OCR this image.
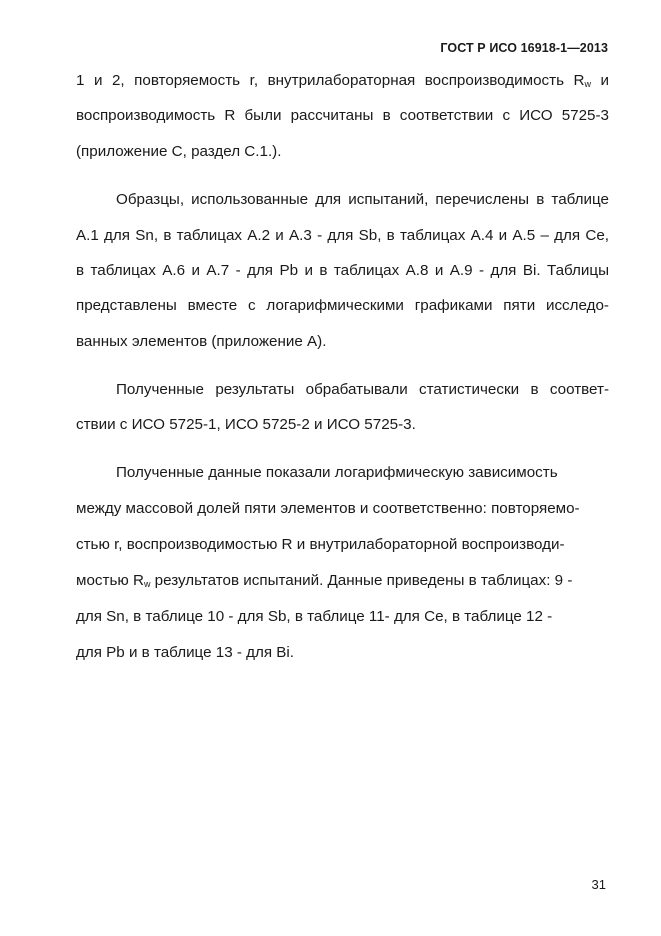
ГОСТ Р ИСО 16918-1—2013
1 и 2, повторяемость r, внутрилабораторная воспроизводимость $R_w$ и
воспроизводимость R были рассчитаны в соответствии с ИСО 5725-3
(приложение С, раздел С.1.).
Образцы, использованные для испытаний, перечислены в таблице
А.1 для Sn, в таблицах А.2 и А.3 - для Sb, в таблицах А.4 и А.5 – для Ce,
в таблицах А.6 и А.7 - для Pb и в таблицах А.8 и А.9 - для Bi. Таблицы
представлены вместе с логарифмическими графиками пяти исследо-
ванных элементов (приложение А).
Полученные результаты обрабатывали статистически в соответ-
ствии с ИСО 5725-1, ИСО 5725-2 и ИСО 5725-3.
Полученные данные показали логарифмическую зависимость
между массовой долей пяти элементов и соответственно: повторяемо-
стью r, воспроизводимостью R и внутрилабораторной воспроизводи-
мостью $R_w$ результатов испытаний. Данные приведены в таблицах: 9 -
для Sn, в таблице 10 - для Sb, в таблице 11- для Ce, в таблице 12 -
для Pb и в таблице 13 - для Bi.
31
